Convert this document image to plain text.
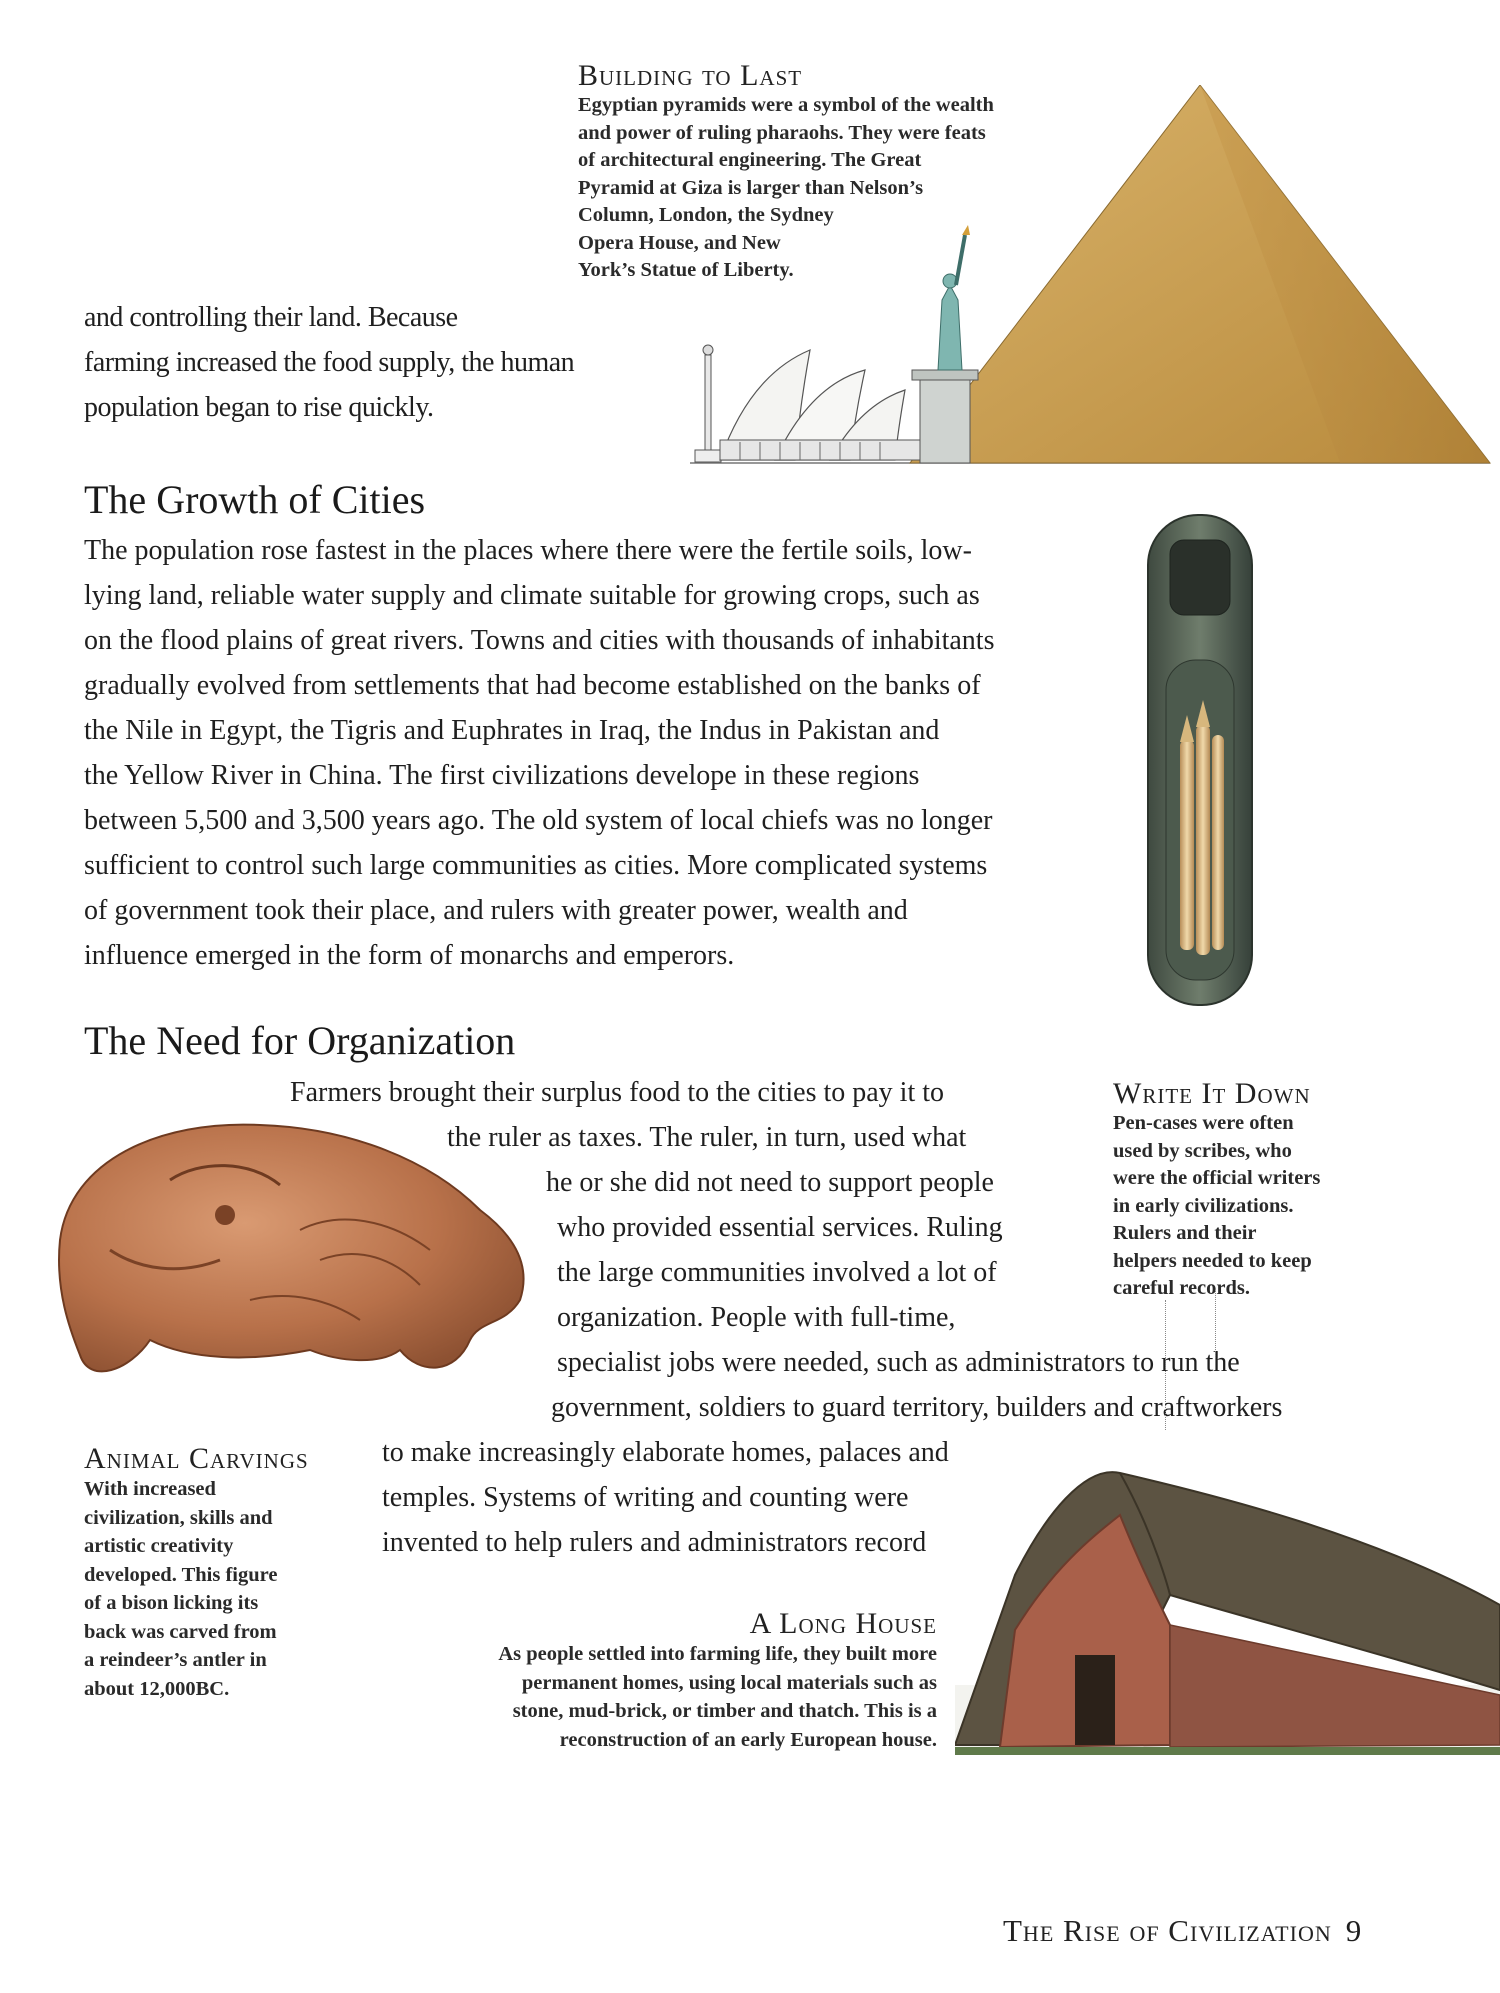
Building to Last
Egyptian pyramids were a symbol of the wealth
and power of ruling pharaohs. They were feats
of architectural engineering. The Great
Pyramid at Giza is larger than Nelson’s
Column, London, the Sydney
Opera House, and New
York’s Statue of Liberty.
and controlling their land. Because
farming increased the food supply, the human
population began to rise quickly.
The Growth of Cities
The population rose fastest in the places where there were the fertile soils, low-
lying land, reliable water supply and climate suitable for growing crops, such as
on the flood plains of great rivers. Towns and cities with thousands of inhabitants
gradually evolved from settlements that had become established on the banks of
the Nile in Egypt, the Tigris and Euphrates in Iraq, the Indus in Pakistan and
the Yellow River in China. The first civilizations develope in these regions
between 5,500 and 3,500 years ago. The old system of local chiefs was no longer
sufficient to control such large communities as cities. More complicated systems
of government took their place, and rulers with greater power, wealth and
influence emerged in the form of monarchs and emperors.
The Need for Organization
Farmers brought their surplus food to the cities to pay it to
the ruler as taxes. The ruler, in turn, used what
he or she did not need to support people
who provided essential services. Ruling
the large communities involved a lot of
organization. People with full-time,
specialist jobs were needed, such as administrators to run the
government, soldiers to guard territory, builders and craftworkers
to make increasingly elaborate homes, palaces and
temples. Systems of writing and counting were
invented to help rulers and administrators record
Write It Down
Pen-cases were often
used by scribes, who
were the official writers
in early civilizations.
Rulers and their
helpers needed to keep
careful records.
Animal Carvings
With increased
civilization, skills and
artistic creativity
developed. This figure
of a bison licking its
back was carved from
a reindeer’s antler in
about 12,000BC.
A Long House
As people settled into farming life, they built more
permanent homes, using local materials such as
stone, mud-brick, or timber and thatch. This is a
reconstruction of an early European house.
The Rise of Civilization 9
